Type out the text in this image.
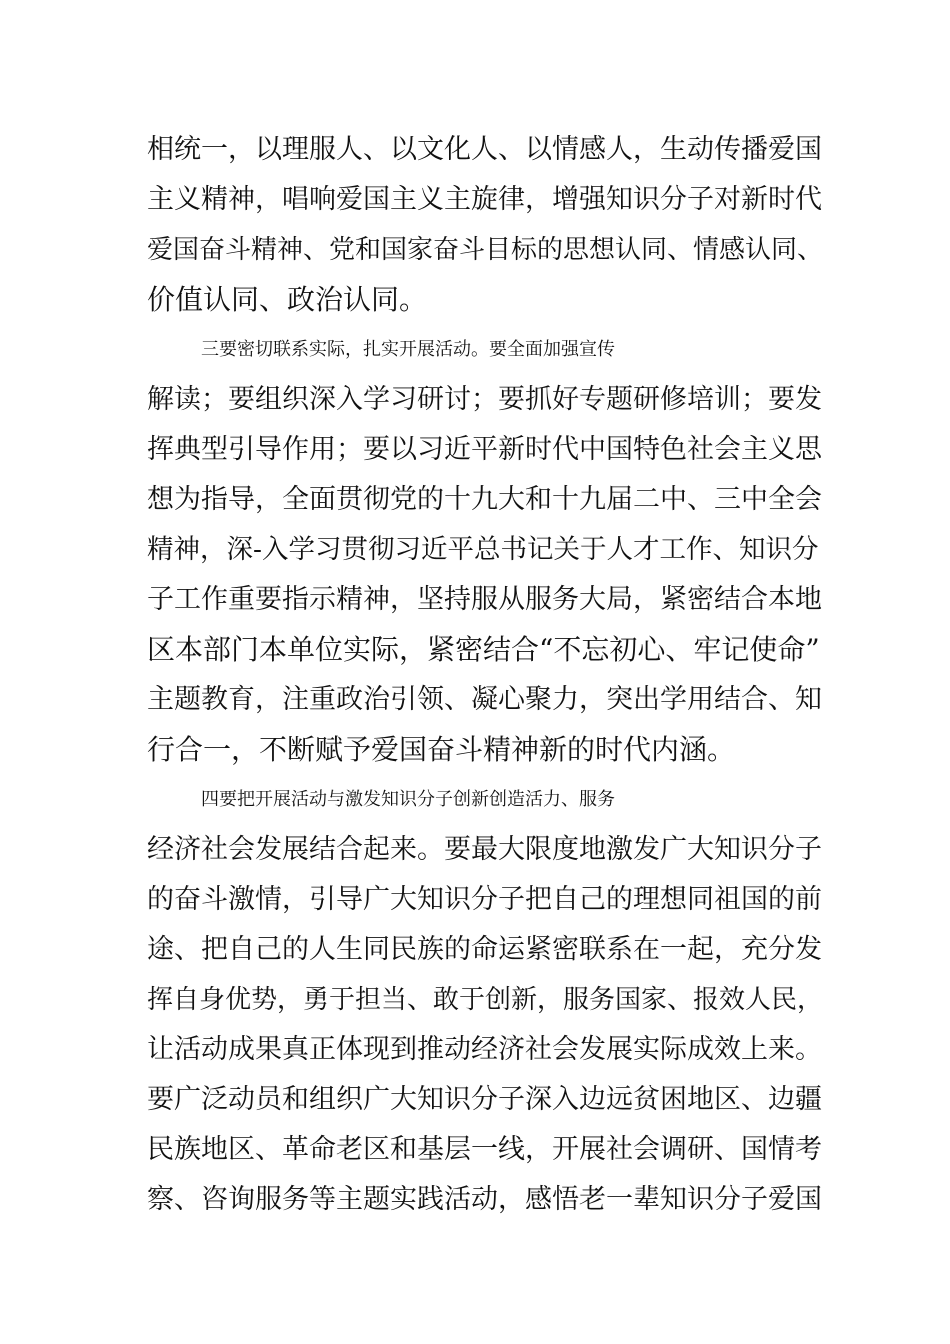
相统一，以理服人、以文化人、以情感人，生动传播爱国
主义精神，唱响爱国主义主旋律，增强知识分子对新时代
爱国奋斗精神、党和国家奋斗目标的思想认同、情感认同、
价值认同、政治认同。
三要密切联系实际，扎实开展活动。要全面加强宣传
解读；要组织深入学习研讨；要抓好专题研修培训；要发
挥典型引导作用；要以习近平新时代中国特色社会主义思
想为指导，全面贯彻党的十九大和十九届二中、三中全会
精神，深-入学习贯彻习近平总书记关于人才工作、知识分
子工作重要指示精神，坚持服从服务大局，紧密结合本地
区本部门本单位实际，紧密结合“不忘初心、牢记使命”
主题教育，注重政治引领、凝心聚力，突出学用结合、知
行合一，不断赋予爱国奋斗精神新的时代内涵。
四要把开展活动与激发知识分子创新创造活力、服务
经济社会发展结合起来。要最大限度地激发广大知识分子
的奋斗激情，引导广大知识分子把自己的理想同祖国的前
途、把自己的人生同民族的命运紧密联系在一起，充分发
挥自身优势，勇于担当、敢于创新，服务国家、报效人民，
让活动成果真正体现到推动经济社会发展实际成效上来。
要广泛动员和组织广大知识分子深入边远贫困地区、边疆
民族地区、革命老区和基层一线，开展社会调研、国情考
察、咨询服务等主题实践活动，感悟老一辈知识分子爱国
